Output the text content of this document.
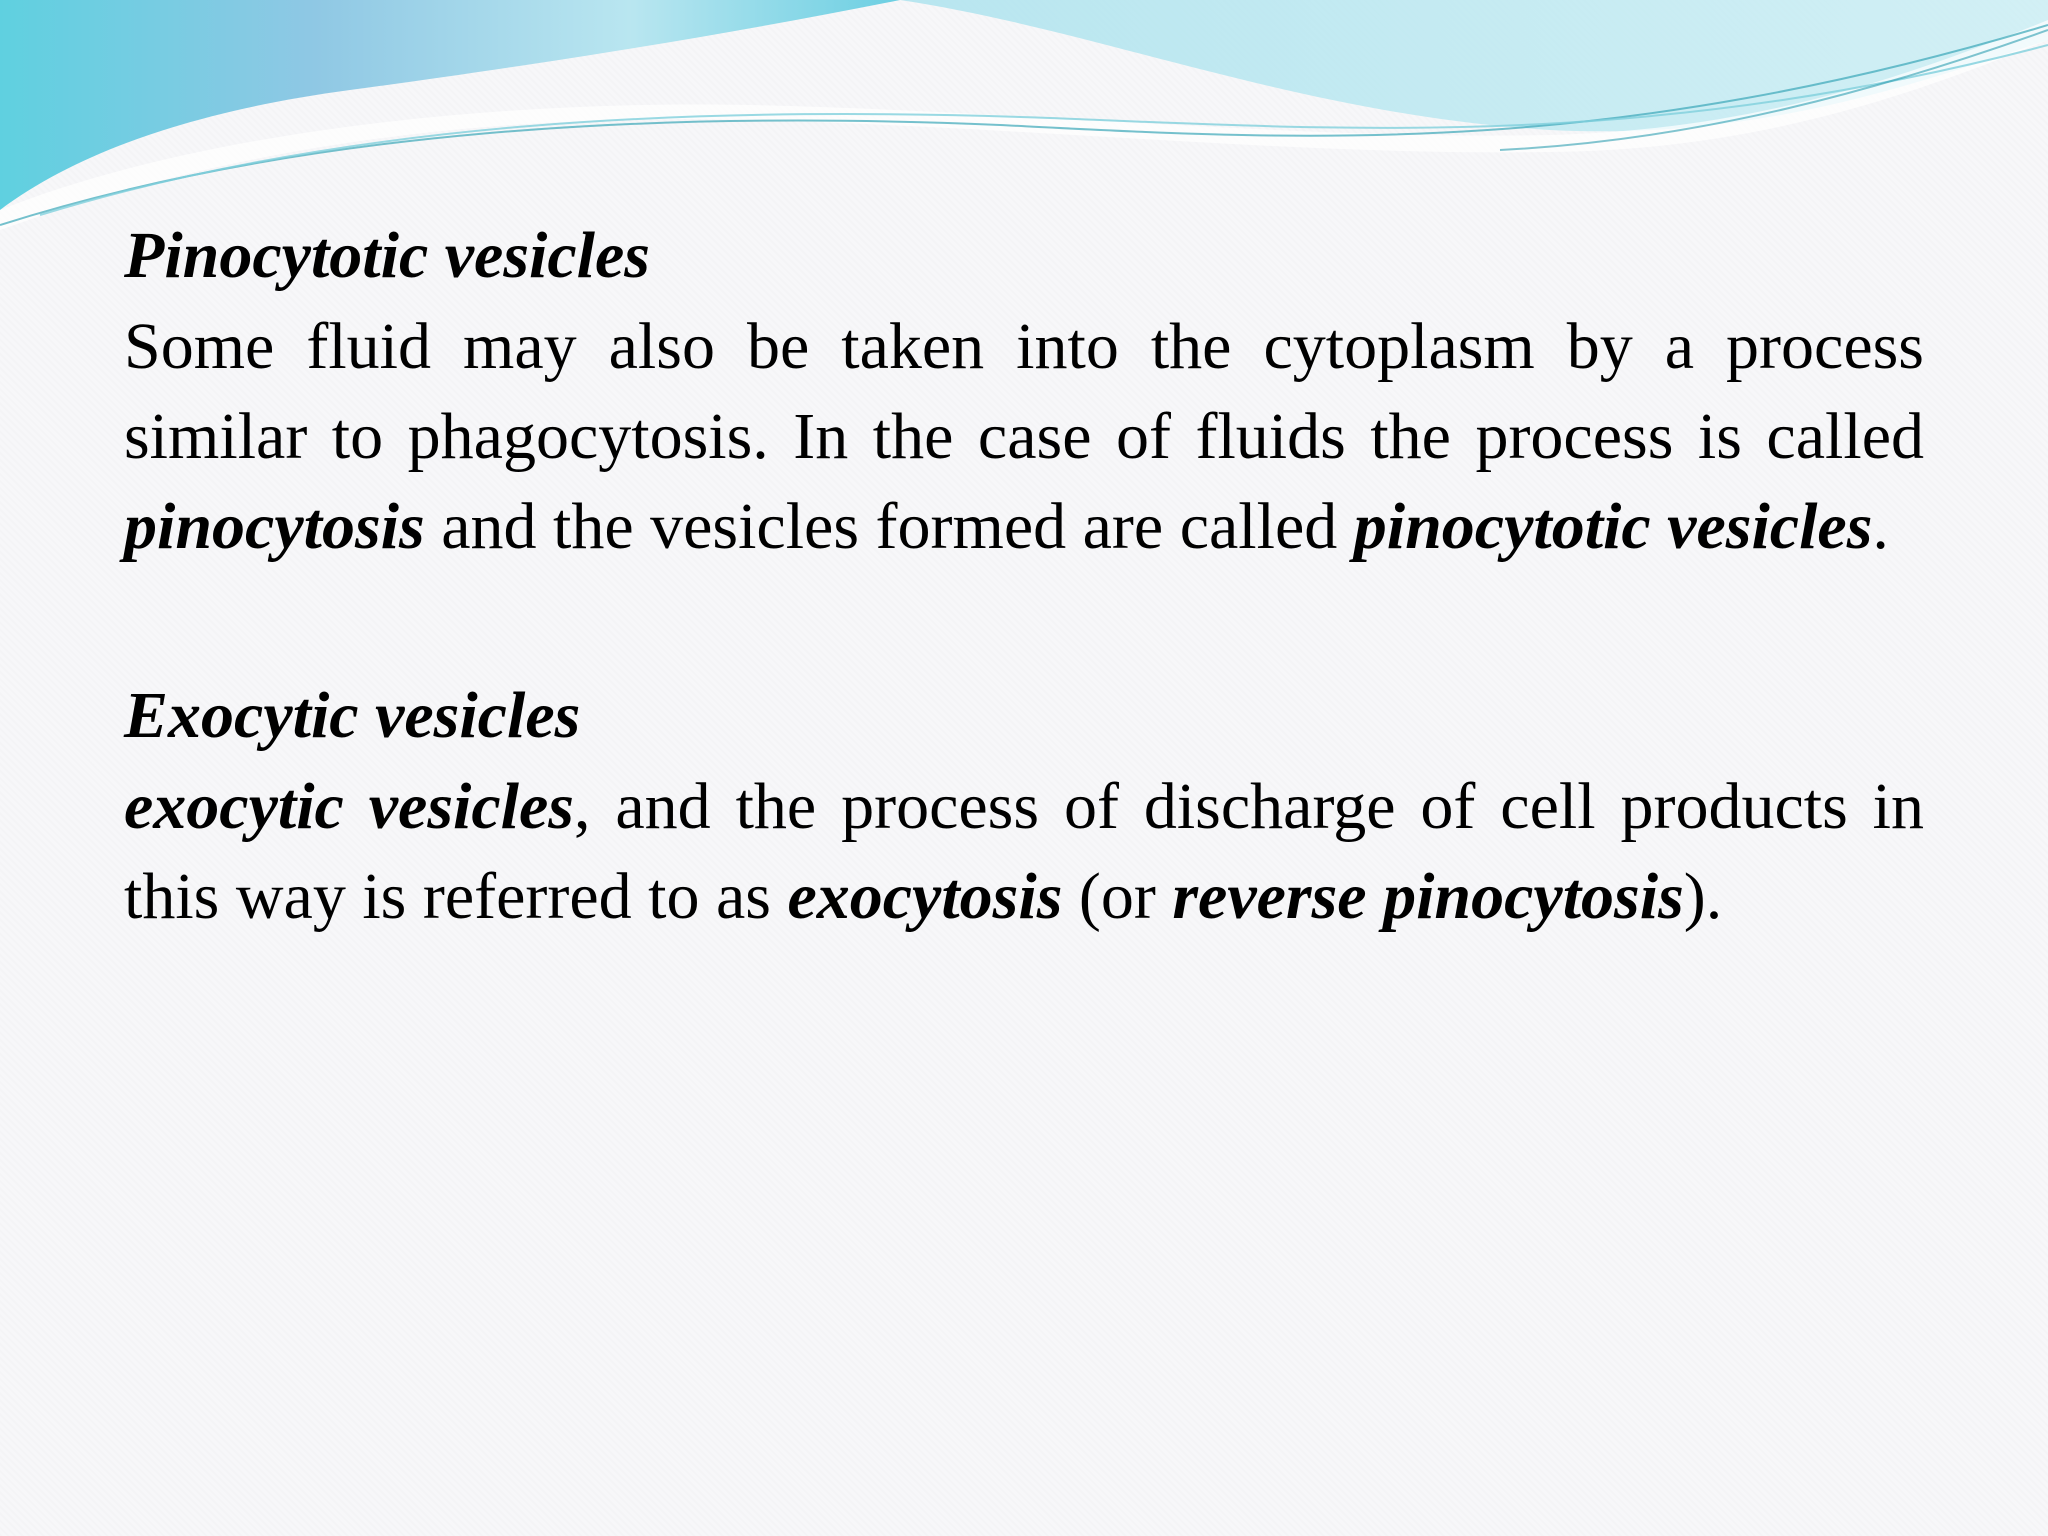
Pinocytotic vesicles

Some fluid may also be taken into the cytoplasm by a process similar to phagocytosis. In the case of fluids the process is called pinocytosis and the vesicles formed are called pinocytotic vesicles.

Exocytic vesicles

exocytic vesicles, and the process of discharge of cell products in this way is referred to as exocytosis (or reverse pinocytosis).
